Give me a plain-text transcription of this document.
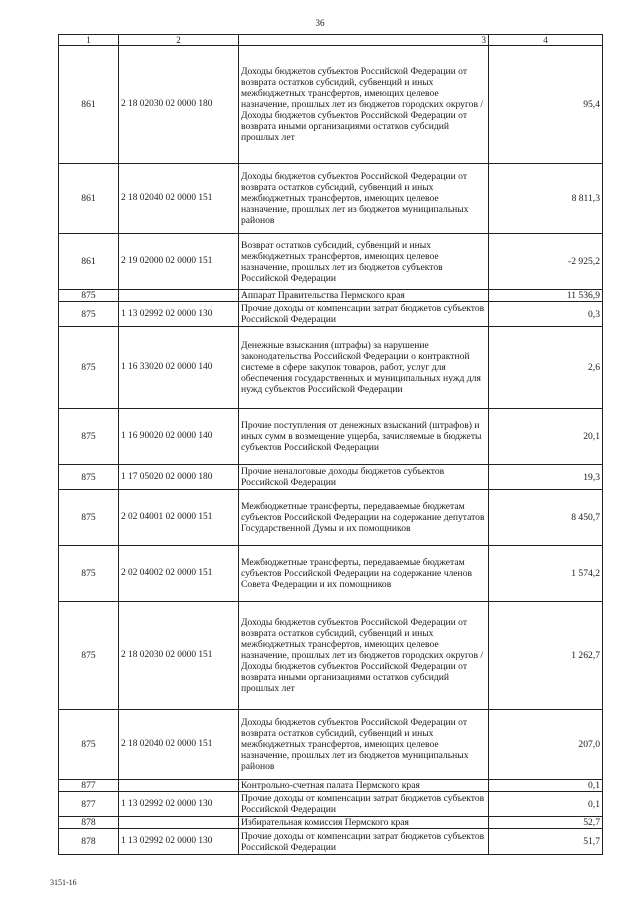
36
1	2	3	4
861	2 18 02030 02 0000 180	Доходы бюджетов субъектов Российской Федерации от возврата остатков субсидий, субвенций и иных межбюджетных трансфертов, имеющих целевое назначение, прошлых лет из бюджетов городских округов / Доходы бюджетов субъектов Российской Федерации от возврата иными организациями остатков субсидий прошлых лет	95,4
861	2 18 02040 02 0000 151	Доходы бюджетов субъектов Российской Федерации от возврата остатков субсидий, субвенций и иных межбюджетных трансфертов, имеющих целевое назначение, прошлых лет из бюджетов муниципальных районов	8 811,3
861	2 19 02000 02 0000 151	Возврат остатков субсидий, субвенций и иных межбюджетных трансфертов, имеющих целевое назначение, прошлых лет из бюджетов субъектов Российской Федерации	-2 925,2
875		Аппарат Правительства Пермского края	11 536,9
875	1 13 02992 02 0000 130	Прочие доходы от компенсации затрат бюджетов субъектов Российской Федерации	0,3
875	1 16 33020 02 0000 140	Денежные взыскания (штрафы) за нарушение законодательства Российской Федерации о контрактной системе в сфере закупок товаров, работ, услуг для обеспечения государственных и муниципальных нужд для нужд субъектов Российской Федерации	2,6
875	1 16 90020 02 0000 140	Прочие поступления от денежных взысканий (штрафов) и иных сумм в возмещение ущерба, зачисляемые в бюджеты субъектов Российской Федерации	20,1
875	1 17 05020 02 0000 180	Прочие неналоговые доходы бюджетов субъектов Российской Федерации	19,3
875	2 02 04001 02 0000 151	Межбюджетные трансферты, передаваемые бюджетам субъектов Российской Федерации на содержание депутатов Государственной Думы и их помощников	8 450,7
875	2 02 04002 02 0000 151	Межбюджетные трансферты, передаваемые бюджетам субъектов Российской Федерации на содержание членов Совета Федерации и их помощников	1 574,2
875	2 18 02030 02 0000 151	Доходы бюджетов субъектов Российской Федерации от возврата остатков субсидий, субвенций и иных межбюджетных трансфертов, имеющих целевое назначение, прошлых лет из бюджетов городских округов / Доходы бюджетов субъектов Российской Федерации от возврата иными организациями остатков субсидий прошлых лет	1 262,7
875	2 18 02040 02 0000 151	Доходы бюджетов субъектов Российской Федерации от возврата остатков субсидий, субвенций и иных межбюджетных трансфертов, имеющих целевое назначение, прошлых лет из бюджетов муниципальных районов	207,0
877		Контрольно-счетная палата Пермского края	0,1
877	1 13 02992 02 0000 130	Прочие доходы от компенсации затрат бюджетов субъектов Российской Федерации	0,1
878		Избирательная комиссия Пермского края	52,7
878	1 13 02992 02 0000 130	Прочие доходы от компенсации затрат бюджетов субъектов Российской Федерации	51,7
3151-16
